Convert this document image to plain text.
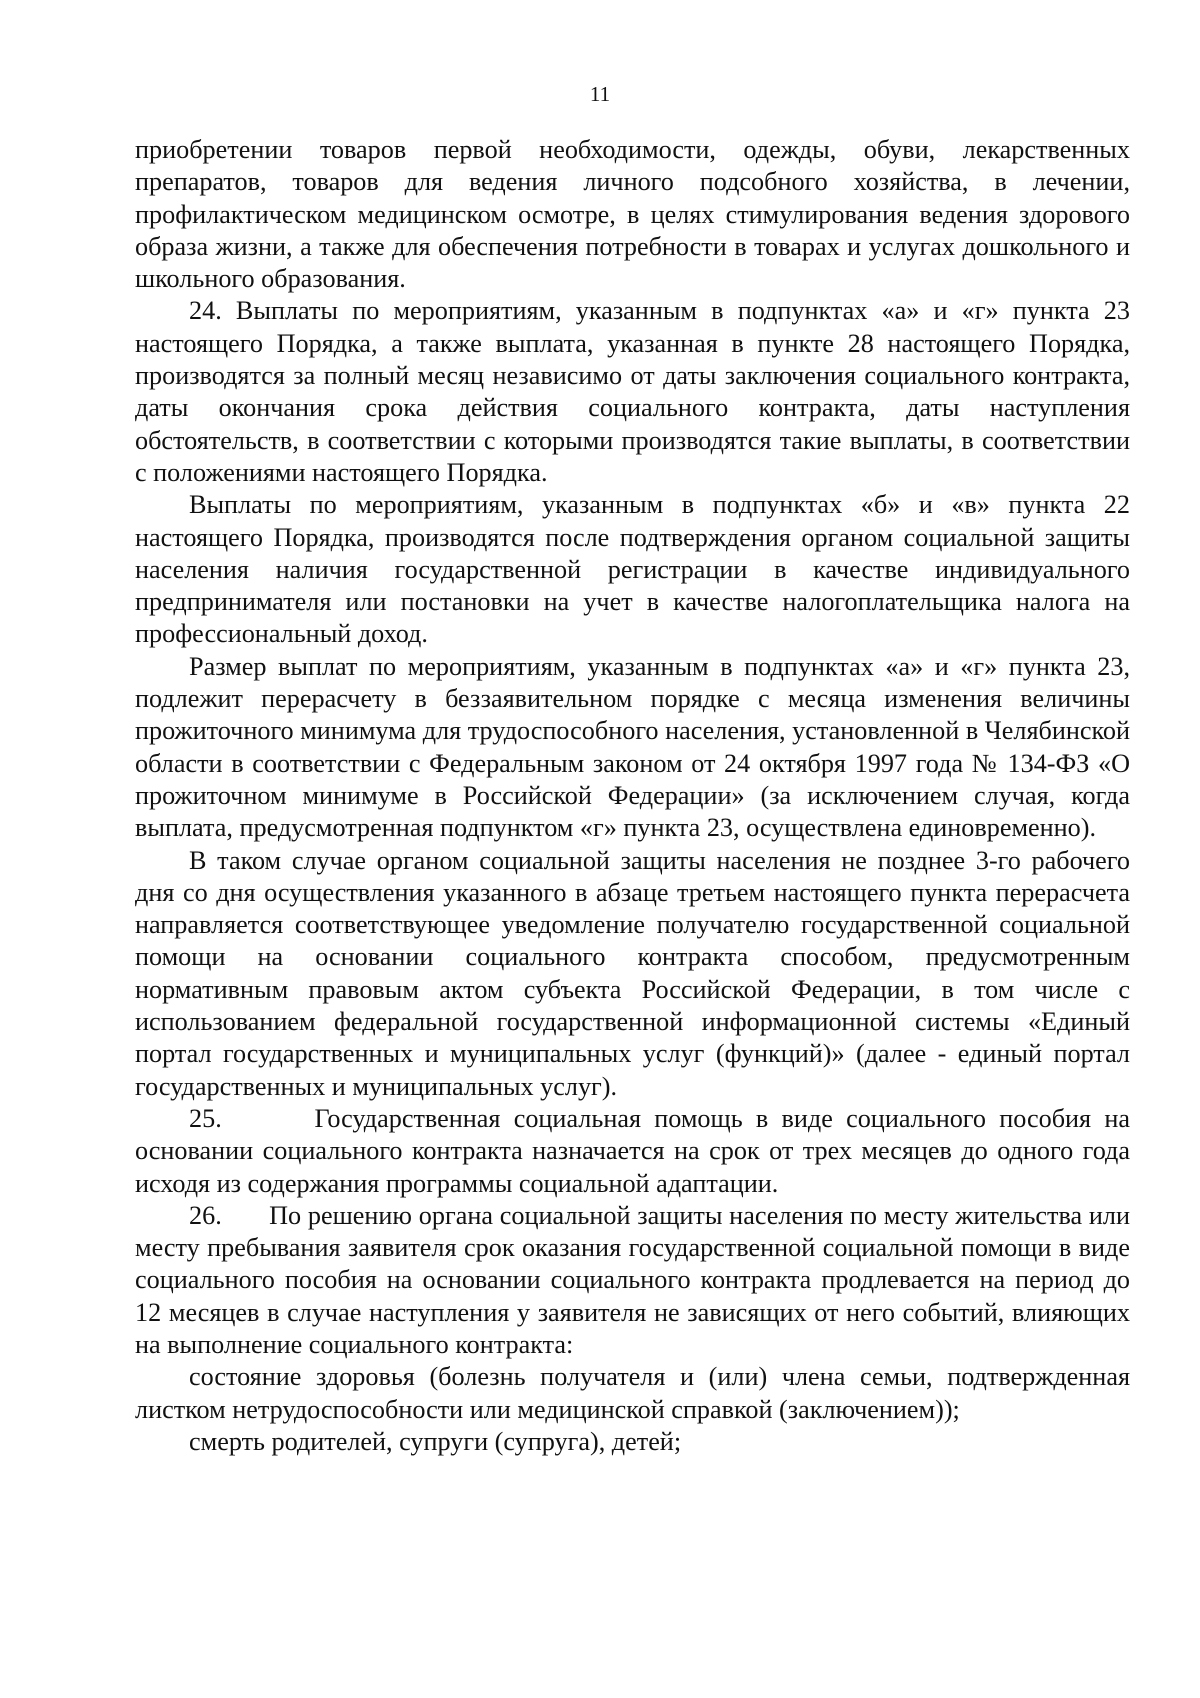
11

приобретении товаров первой необходимости, одежды, обуви, лекарственных препаратов, товаров для ведения личного подсобного хозяйства, в лечении, профилактическом медицинском осмотре, в целях стимулирования ведения здорового образа жизни, а также для обеспечения потребности в товарах и услугах дошкольного и школьного образования.

24. Выплаты по мероприятиям, указанным в подпунктах «а» и «г» пункта 23 настоящего Порядка, а также выплата, указанная в пункте 28 настоящего Порядка, производятся за полный месяц независимо от даты заключения социального контракта, даты окончания срока действия социального контракта, даты наступления обстоятельств, в соответствии с которыми производятся такие выплаты, в соответствии с положениями настоящего Порядка.

Выплаты по мероприятиям, указанным в подпунктах «б» и «в» пункта 22 настоящего Порядка, производятся после подтверждения органом социальной защиты населения наличия государственной регистрации в качестве индивидуального предпринимателя или постановки на учет в качестве налогоплательщика налога на профессиональный доход.

Размер выплат по мероприятиям, указанным в подпунктах «а» и «г» пункта 23, подлежит перерасчету в беззаявительном порядке с месяца изменения величины прожиточного минимума для трудоспособного населения, установленной в Челябинской области в соответствии с Федеральным законом от 24 октября 1997 года № 134-ФЗ «О прожиточном минимуме в Российской Федерации» (за исключением случая, когда выплата, предусмотренная подпунктом «г» пункта 23, осуществлена единовременно).

В таком случае органом социальной защиты населения не позднее 3-го рабочего дня со дня осуществления указанного в абзаце третьем настоящего пункта перерасчета направляется соответствующее уведомление получателю государственной социальной помощи на основании социального контракта способом, предусмотренным нормативным правовым актом субъекта Российской Федерации, в том числе с использованием федеральной государственной информационной системы «Единый портал государственных и муниципальных услуг (функций)» (далее - единый портал государственных и муниципальных услуг).

25.       Государственная социальная помощь в виде социального пособия на основании социального контракта назначается на срок от трех месяцев до одного года исходя из содержания программы социальной адаптации.

26.       По решению органа социальной защиты населения по месту жительства или месту пребывания заявителя срок оказания государственной социальной помощи в виде социального пособия на основании социального контракта продлевается на период до 12 месяцев в случае наступления у заявителя не зависящих от него событий, влияющих на выполнение социального контракта:

состояние здоровья (болезнь получателя и (или) члена семьи, подтвержденная листком нетрудоспособности или медицинской справкой (заключением));

смерть родителей, супруги (супруга), детей;
